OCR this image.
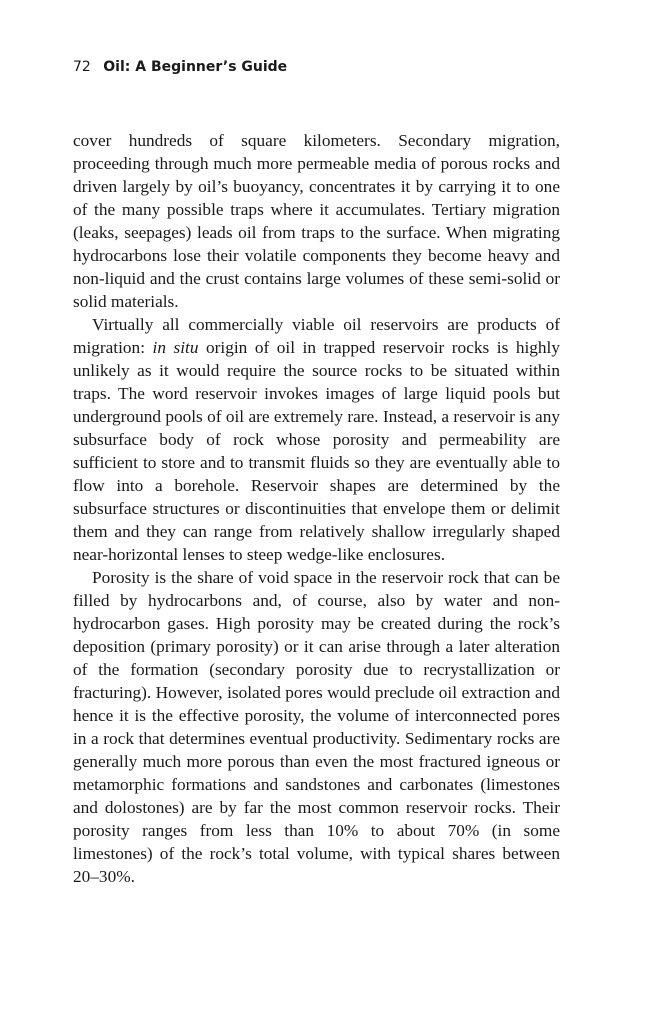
72 Oil: A Beginner’s Guide

cover hundreds of square kilometers. Secondary migration, proceeding through much more permeable media of porous rocks and driven largely by oil’s buoyancy, concentrates it by carrying it to one of the many possible traps where it accumulates. Tertiary migration (leaks, seepages) leads oil from traps to the surface. When migrating hydrocarbons lose their volatile components they become heavy and non-liquid and the crust contains large volumes of these semi-solid or solid materials.

Virtually all commercially viable oil reservoirs are products of migration: in situ origin of oil in trapped reservoir rocks is highly unlikely as it would require the source rocks to be situated within traps. The word reservoir invokes images of large liquid pools but underground pools of oil are extremely rare. Instead, a reservoir is any subsurface body of rock whose porosity and permeability are sufficient to store and to transmit fluids so they are eventually able to flow into a borehole. Reservoir shapes are determined by the subsurface structures or discontinuities that envelope them or delimit them and they can range from relatively shallow irregularly shaped near-horizontal lenses to steep wedge-like enclosures.

Porosity is the share of void space in the reservoir rock that can be filled by hydrocarbons and, of course, also by water and non-hydrocarbon gases. High porosity may be created during the rock’s deposition (primary porosity) or it can arise through a later alteration of the formation (secondary porosity due to recrystallization or fracturing). However, isolated pores would preclude oil extraction and hence it is the effective porosity, the volume of interconnected pores in a rock that determines eventual productivity. Sedimentary rocks are generally much more porous than even the most fractured igneous or metamorphic formations and sandstones and carbonates (limestones and dolostones) are by far the most common reservoir rocks. Their porosity ranges from less than 10% to about 70% (in some limestones) of the rock’s total volume, with typical shares between 20–30%.
